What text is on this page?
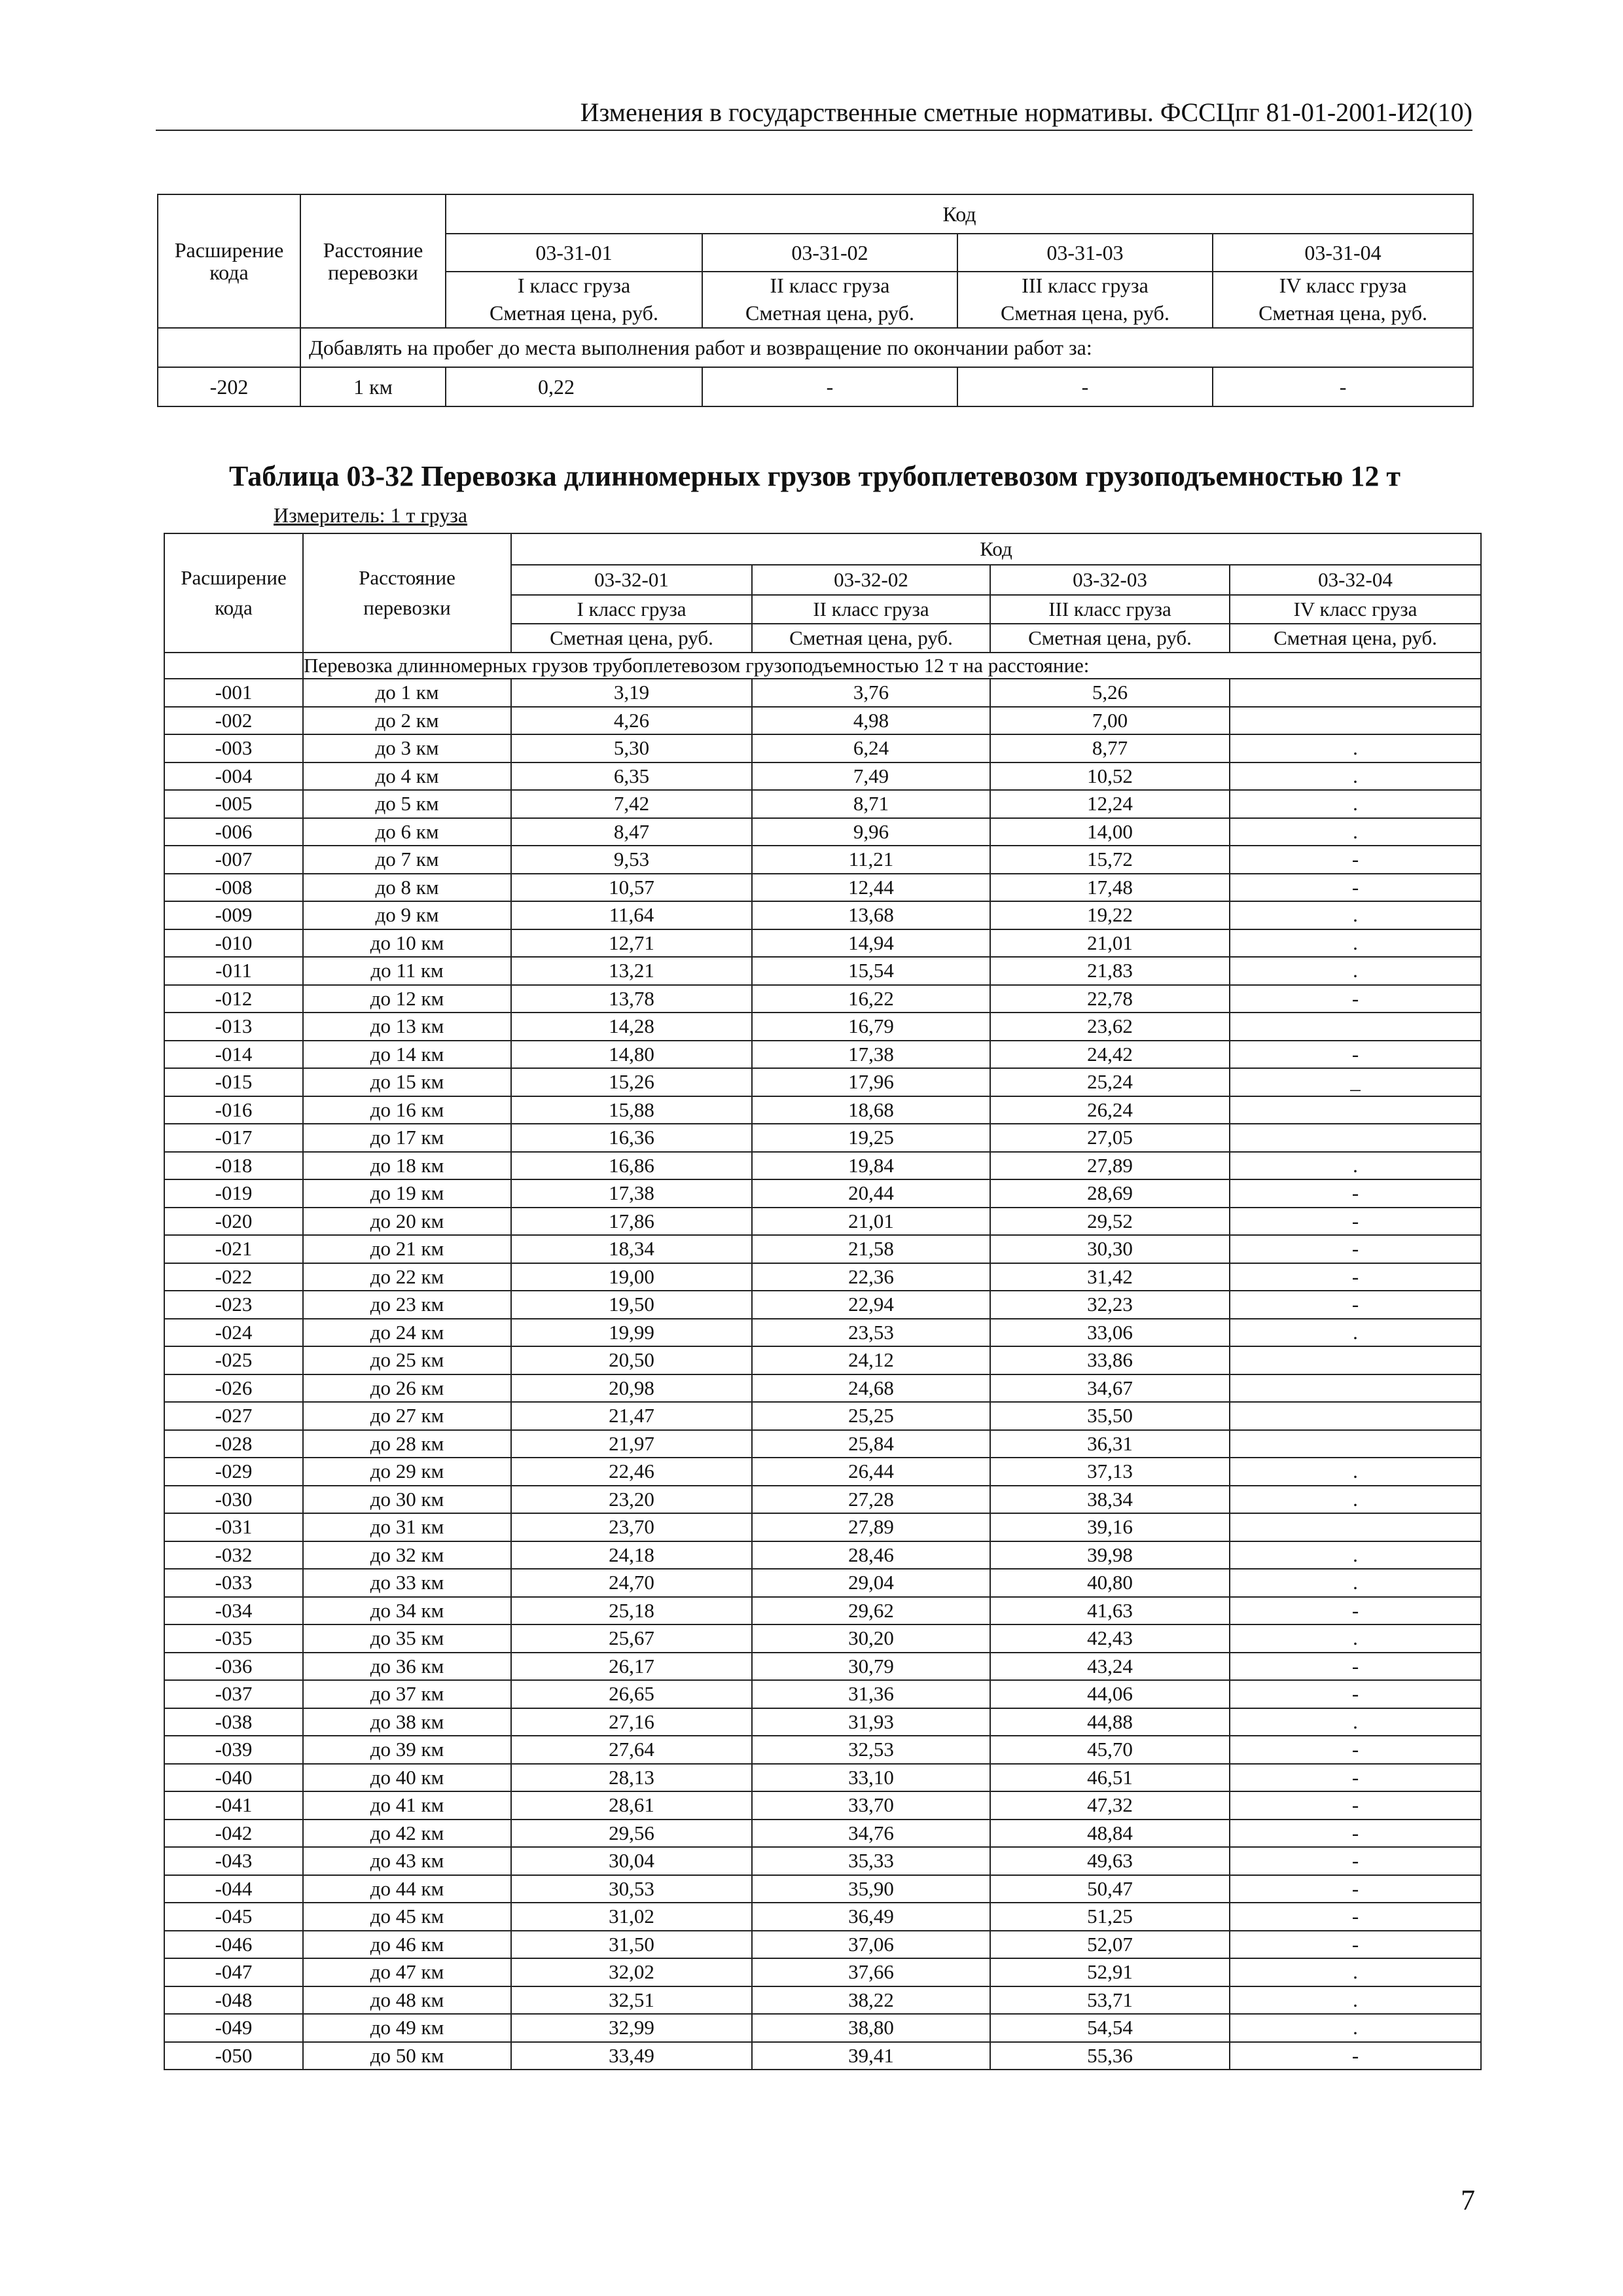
Изменения в государственные сметные нормативы. ФССЦпг 81-01-2001-И2(10)
Расширение кода	Расстояние перевозки	Код			
		03-31-01	03-31-02	03-31-03	03-31-04
		I класс груза	II класс груза	III класс груза	IV класс груза
		Сметная цена, руб.	Сметная цена, руб.	Сметная цена, руб.	Сметная цена, руб.
	Добавлять на пробег до места выполнения работ и возвращение по окончании работ за:				
-202	1 км	0,22	-	-	-
Таблица 03-32 Перевозка длинномерных грузов трубоплетевозом грузоподъемностью 12 т
Измеритель: 1 т груза
Расширение кода	Расстояние перевозки	Код			
		03-32-01	03-32-02	03-32-03	03-32-04
		I класс груза	II класс груза	III класс груза	IV класс груза
		Сметная цена, руб.	Сметная цена, руб.	Сметная цена, руб.	Сметная цена, руб.
	Перевозка длинномерных грузов трубоплетевозом грузоподъемностью 12 т на расстояние:				
-001	до 1 км	3,19	3,76	5,26	
-002	до 2 км	4,26	4,98	7,00	
-003	до 3 км	5,30	6,24	8,77	.
-004	до 4 км	6,35	7,49	10,52	.
-005	до 5 км	7,42	8,71	12,24	.
-006	до 6 км	8,47	9,96	14,00	.
-007	до 7 км	9,53	11,21	15,72	-
-008	до 8 км	10,57	12,44	17,48	-
-009	до 9 км	11,64	13,68	19,22	.
-010	до 10 км	12,71	14,94	21,01	.
-011	до 11 км	13,21	15,54	21,83	.
-012	до 12 км	13,78	16,22	22,78	-
-013	до 13 км	14,28	16,79	23,62	
-014	до 14 км	14,80	17,38	24,42	-
-015	до 15 км	15,26	17,96	25,24	_
-016	до 16 км	15,88	18,68	26,24	
-017	до 17 км	16,36	19,25	27,05	
-018	до 18 км	16,86	19,84	27,89	.
-019	до 19 км	17,38	20,44	28,69	-
-020	до 20 км	17,86	21,01	29,52	-
-021	до 21 км	18,34	21,58	30,30	-
-022	до 22 км	19,00	22,36	31,42	-
-023	до 23 км	19,50	22,94	32,23	-
-024	до 24 км	19,99	23,53	33,06	.
-025	до 25 км	20,50	24,12	33,86	
-026	до 26 км	20,98	24,68	34,67	
-027	до 27 км	21,47	25,25	35,50	
-028	до 28 км	21,97	25,84	36,31	
-029	до 29 км	22,46	26,44	37,13	.
-030	до 30 км	23,20	27,28	38,34	.
-031	до 31 км	23,70	27,89	39,16	
-032	до 32 км	24,18	28,46	39,98	.
-033	до 33 км	24,70	29,04	40,80	.
-034	до 34 км	25,18	29,62	41,63	-
-035	до 35 км	25,67	30,20	42,43	.
-036	до 36 км	26,17	30,79	43,24	-
-037	до 37 км	26,65	31,36	44,06	-
-038	до 38 км	27,16	31,93	44,88	.
-039	до 39 км	27,64	32,53	45,70	-
-040	до 40 км	28,13	33,10	46,51	-
-041	до 41 км	28,61	33,70	47,32	-
-042	до 42 км	29,56	34,76	48,84	-
-043	до 43 км	30,04	35,33	49,63	-
-044	до 44 км	30,53	35,90	50,47	-
-045	до 45 км	31,02	36,49	51,25	-
-046	до 46 км	31,50	37,06	52,07	-
-047	до 47 км	32,02	37,66	52,91	.
-048	до 48 км	32,51	38,22	53,71	.
-049	до 49 км	32,99	38,80	54,54	.
-050	до 50 км	33,49	39,41	55,36	-
7
